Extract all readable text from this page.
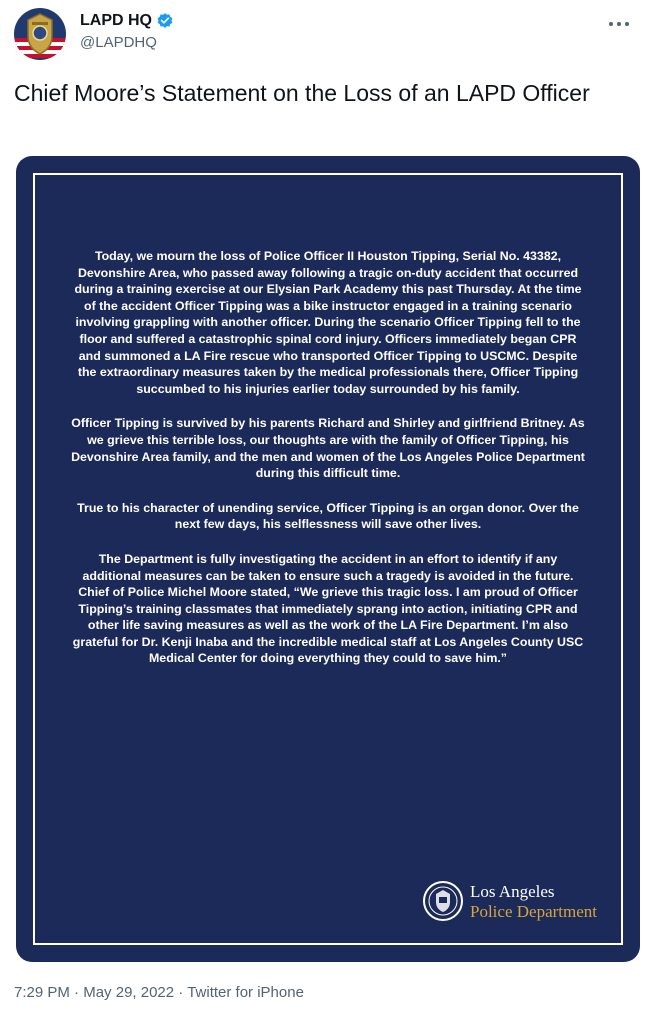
LAPD HQ
@LAPDHQ
Chief Moore’s Statement on the Loss of an LAPD Officer

Today, we mourn the loss of Police Officer II Houston Tipping, Serial No. 43382, Devonshire Area, who passed away following a tragic on-duty accident that occurred during a training exercise at our Elysian Park Academy this past Thursday. At the time of the accident Officer Tipping was a bike instructor engaged in a training scenario involving grappling with another officer. During the scenario Officer Tipping fell to the floor and suffered a catastrophic spinal cord injury. Officers immediately began CPR and summoned a LA Fire rescue who transported Officer Tipping to USCMC. Despite the extraordinary measures taken by the medical professionals there, Officer Tipping succumbed to his injuries earlier today surrounded by his family.

Officer Tipping is survived by his parents Richard and Shirley and girlfriend Britney. As we grieve this terrible loss, our thoughts are with the family of Officer Tipping, his Devonshire Area family, and the men and women of the Los Angeles Police Department during this difficult time.

True to his character of unending service, Officer Tipping is an organ donor. Over the next few days, his selflessness will save other lives.

The Department is fully investigating the accident in an effort to identify if any additional measures can be taken to ensure such a tragedy is avoided in the future. Chief of Police Michel Moore stated, “We grieve this tragic loss. I am proud of Officer Tipping’s training classmates that immediately sprang into action, initiating CPR and other life saving measures as well as the work of the LA Fire Department. I’m also grateful for Dr. Kenji Inaba and the incredible medical staff at Los Angeles County USC Medical Center for doing everything they could to save him.”

Los Angeles
Police Department
7:29 PM · May 29, 2022 · Twitter for iPhone
